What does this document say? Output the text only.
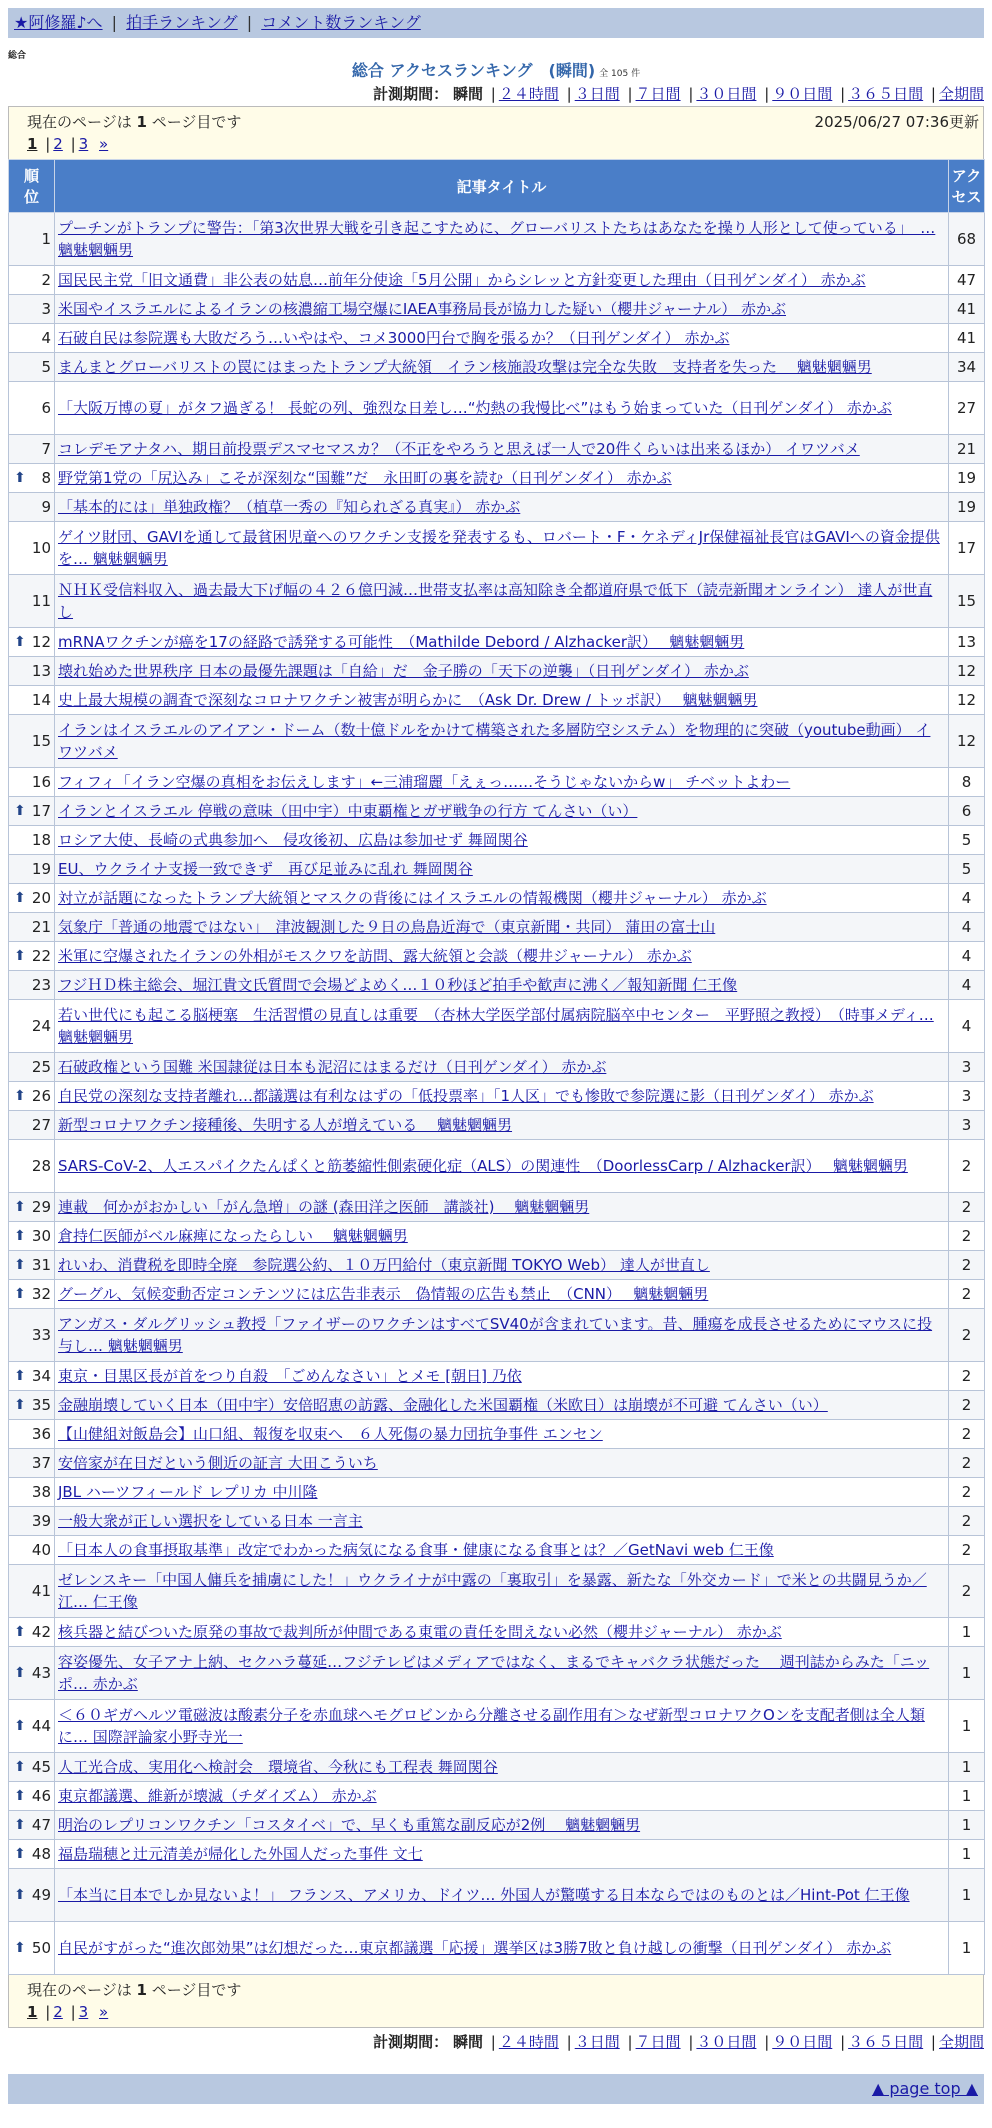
★阿修羅♪へ | 拍手ランキング | コメント数ランキング
総合
総合 アクセスランキング　(瞬間) 全 105 件
計測期間： 瞬間 | ２４時間 | ３日間 | ７日間 | ３０日間 | ９０日間 | ３６５日間 | 全期間
現在のページは 1 ページ目です	2025/06/27 07:36更新
1 | 2 | 3 »
順
位	記事タイトル	アク
セス
1	プーチンがトランプに警告：「第3次世界大戦を引き起こすために、グローバリストたちはあなたを操り人形として使っている」　… 魑魅魍魎男	68
2	国民民主党「旧文通費」非公表の姑息…前年分使途「5月公開」からシレッと方針変更した理由（日刊ゲンダイ） 赤かぶ	47
3	米国やイスラエルによるイランの核濃縮工場空爆にIAEA事務局長が協力した疑い（櫻井ジャーナル） 赤かぶ	41
4	石破自民は参院選も大敗だろう…いやはや、コメ3000円台で胸を張るか？（日刊ゲンダイ） 赤かぶ	41
5	まんまとグローバリストの罠にはまったトランプ大統領　イラン核施設攻撃は完全な失敗　支持者を失った　 魑魅魍魎男	34
6	「大阪万博の夏」がタフ過ぎる！ 長蛇の列、強烈な日差し…“灼熱の我慢比べ”はもう始まっていた（日刊ゲンダイ） 赤かぶ	27
7	コレデモアナタハ、期日前投票デスマセマスカ？（不正をやろうと思えば一人で20件くらいは出来るほか） イワツバメ	21

⬆ 8	野党第1党の「尻込み」こそが深刻な“国難”だ　永田町の裏を読む（日刊ゲンダイ） 赤かぶ	19
9	「基本的には」単独政権？（植草一秀の『知られざる真実』） 赤かぶ	19
10	ゲイツ財団、GAVIを通して最貧困児童へのワクチン支援を発表するも、ロバート・F・ケネディJr保健福祉長官はGAVIへの資金提供を… 魑魅魍魎男	17
11	ＮＨＫ受信料収入、過去最大下げ幅の４２６億円減…世帯支払率は高知除き全都道府県で低下（読売新聞オンライン） 達人が世直し	15

⬆ 12	mRNAワクチンが癌を17の経路で誘発する可能性　（Mathilde Debord / Alzhacker訳）　 魑魅魍魎男	13
13	壊れ始めた世界秩序 日本の最優先課題は「自給」だ　金子勝の「天下の逆襲」（日刊ゲンダイ） 赤かぶ	12
14	史上最大規模の調査で深刻なコロナワクチン被害が明らかに　（Ask Dr. Drew / トッポ訳）　 魑魅魍魎男	12
15	イランはイスラエルのアイアン・ドーム（数十億ドルをかけて構築された多層防空システム）を物理的に突破（youtube動画） イワツバメ	12
16	フィフィ「イラン空爆の真相をお伝えします」←三浦瑠麗「えぇっ……そうじゃないからw」 チベットよわー	8

⬆ 17	イランとイスラエル 停戦の意味（田中宇）中東覇権とガザ戦争の行方 てんさい（い）	6
18	ロシア大使、長崎の式典参加へ　侵攻後初、広島は参加せず 舞岡関谷	5
19	EU、ウクライナ支援一致できず　再び足並みに乱れ 舞岡関谷	5

⬆ 20	対立が話題になったトランプ大統領とマスクの背後にはイスラエルの情報機関（櫻井ジャーナル） 赤かぶ	4
21	気象庁「普通の地震ではない」　津波観測した９日の鳥島近海で（東京新聞・共同） 蒲田の富士山	4

⬆ 22	米軍に空爆されたイランの外相がモスクワを訪問、露大統領と会談（櫻井ジャーナル） 赤かぶ	4
23	フジＨＤ株主総会、堀江貴文氏質問で会場どよめく…１０秒ほど拍手や歓声に沸く／報知新聞 仁王像	4
24	若い世代にも起こる脳梗塞　生活習慣の見直しは重要　（杏林大学医学部付属病院脳卒中センター　平野照之教授）　（時事メディ… 魑魅魍魎男	4
25	石破政権という国難 米国隷従は日本も泥沼にはまるだけ（日刊ゲンダイ） 赤かぶ	3

⬆ 26	自民党の深刻な支持者離れ…都議選は有利なはずの「低投票率」「1人区」でも惨敗で参院選に影（日刊ゲンダイ） 赤かぶ	3
27	新型コロナワクチン接種後、失明する人が増えている　 魑魅魍魎男	3
28	SARS-CoV-2、人エスパイクたんぱくと筋萎縮性側索硬化症（ALS）の関連性　（DoorlessCarp / Alzhacker訳）　 魑魅魍魎男	2

⬆ 29	連載　何かがおかしい「がん急増」の謎 (森田洋之医師　講談社)　 魑魅魍魎男	2

⬆ 30	倉持仁医師がベル麻痺になったらしい　 魑魅魍魎男	2

⬆ 31	れいわ、消費税を即時全廃　参院選公約、１０万円給付（東京新聞 TOKYO Web） 達人が世直し	2

⬆ 32	グーグル、気候変動否定コンテンツには広告非表示　偽情報の広告も禁止　（CNN）　 魑魅魍魎男	2
33	アンガス・ダルグリッシュ教授「ファイザーのワクチンはすべてSV40が含まれています。昔、腫瘍を成長させるためにマウスに投与し… 魑魅魍魎男	2

⬆ 34	東京・目黒区長が首をつり自殺　「ごめんなさい」とメモ [朝日] 乃依	2

⬆ 35	金融崩壊していく日本（田中宇）安倍昭恵の訪露、金融化した米国覇権（米欧日）は崩壊が不可避 てんさい（い）	2
36	【山健組対飯島会】山口組、報復を収束へ　６人死傷の暴力団抗争事件 エンセン	2
37	安倍家が在日だという側近の証言 大田こういち	2
38	JBL ハーツフィールド レプリカ 中川隆	2
39	一般大衆が正しい選択をしている日本 一言主	2
40	「日本人の食事摂取基準」改定でわかった病気になる食事・健康になる食事とは？／GetNavi web 仁王像	2
41	ゼレンスキー「中国人傭兵を捕虜にした！」ウクライナが中露の「裏取引」を暴露、新たな「外交カード」で米との共闘見うか／江… 仁王像	2

⬆ 42	核兵器と結びついた原発の事故で裁判所が仲間である東電の責任を問えない必然（櫻井ジャーナル） 赤かぶ	1

⬆ 43	容姿優先、女子アナ上納、セクハラ蔓延…フジテレビはメディアではなく、まるでキャバクラ状態だった　 週刊誌からみた「ニッポ… 赤かぶ	1

⬆ 44	＜６０ギガヘルツ電磁波は酸素分子を赤血球ヘモグロビンから分離させる副作用有＞なぜ新型コロナワクOンを支配者側は全人類に… 国際評論家小野寺光一	1

⬆ 45	人工光合成、実用化へ検討会　環境省、今秋にも工程表 舞岡関谷	1

⬆ 46	東京都議選、維新が壊滅（チダイズム） 赤かぶ	1

⬆ 47	明治のレプリコンワクチン「コスタイベ」で、早くも重篤な副反応が2例　 魑魅魍魎男	1

⬆ 48	福島瑞穂と辻元清美が帰化した外国人だった事件 文七	1

⬆ 49	「本当に日本でしか見ないよ！」 フランス、アメリカ、ドイツ… 外国人が驚嘆する日本ならではのものとは／Hint-Pot 仁王像	1

⬆ 50	自民がすがった“進次郎効果”は幻想だった…東京都議選「応援」選挙区は3勝7敗と負け越しの衝撃（日刊ゲンダイ） 赤かぶ	1
現在のページは 1 ページ目です
1 | 2 | 3 »
計測期間： 瞬間 | ２４時間 | ３日間 | ７日間 | ３０日間 | ９０日間 | ３６５日間 | 全期間
▲ page top ▲
